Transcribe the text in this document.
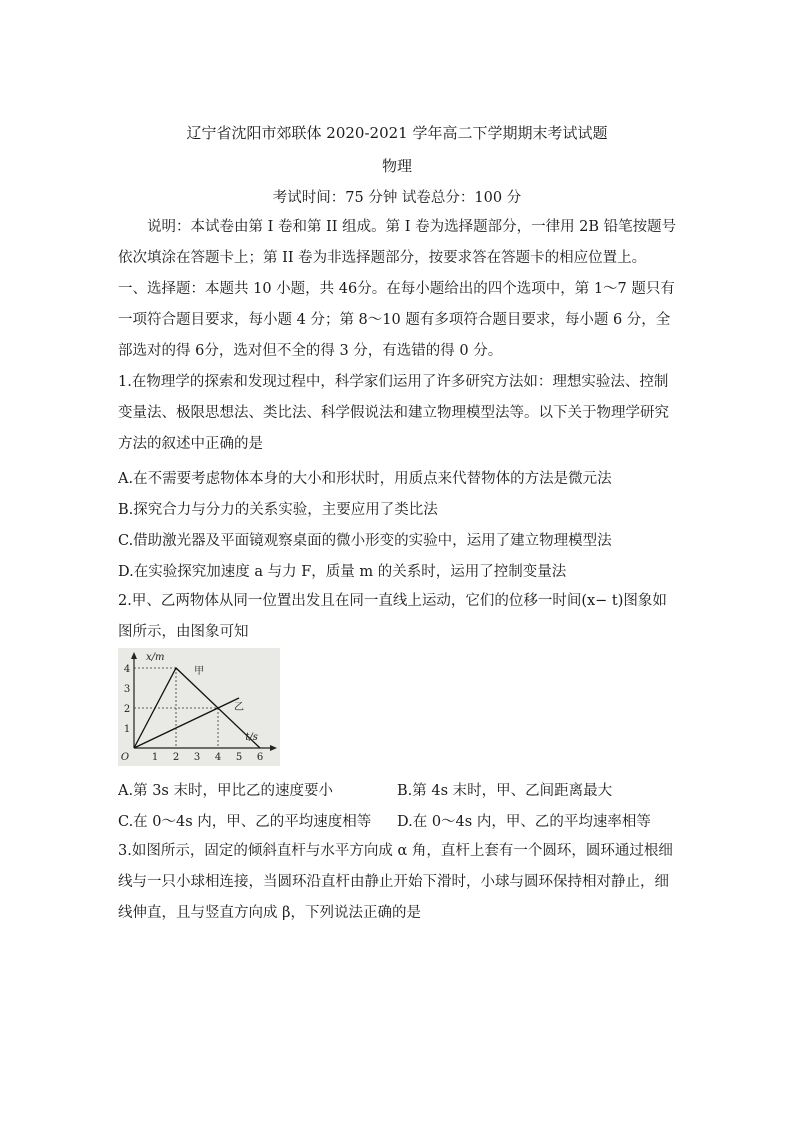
辽宁省沈阳市郊联体 2020-2021 学年高二下学期期末考试试题
物理
考试时间：75 分钟 试卷总分：100 分
说明：本试卷由第 I 卷和第 II 组成。第 I 卷为选择题部分，一律用 2B 铅笔按题号依次填涂在答题卡上；第 II 卷为非选择题部分，按要求答在答题卡的相应位置上。
一、选择题：本题共 10 小题，共 46分。在每小题给出的四个选项中，第 1～7 题只有一项符合题目要求，每小题 4 分；第 8～10 题有多项符合题目要求，每小题 6 分，全部选对的得 6分，选对但不全的得 3 分，有选错的得 0 分。
1.在物理学的探索和发现过程中，科学家们运用了许多研究方法如：理想实验法、控制变量法、极限思想法、类比法、科学假说法和建立物理模型法等。以下关于物理学研究方法的叙述中正确的是
A.在不需要考虑物体本身的大小和形状时，用质点来代替物体的方法是微元法
B.探究合力与分力的关系实验，主要应用了类比法
C.借助激光器及平面镜观察桌面的微小形变的实验中，运用了建立物理模型法
D.在实验探究加速度 a 与力 F，质量 m 的关系时，运用了控制变量法
2.甲、乙两物体从同一位置出发且在同一直线上运动，它们的位移一时间(x− t)图象如图所示，由图象可知
1 2 3 4 5 6
1
2
3
4
O
x/m
t/s
甲
乙
A.第 3s 末时，甲比乙的速度要小	B.第 4s 末时，甲、乙间距离最大
C.在 0～4s 内，甲、乙的平均速度相等 D.在 0～4s 内，甲、乙的平均速率相等
3.如图所示，固定的倾斜直杆与水平方向成 α 角，直杆上套有一个圆环，圆环通过根细线与一只小球相连接，当圆环沿直杆由静止开始下滑时，小球与圆环保持相对静止，细线伸直，且与竖直方向成 β，下列说法正确的是
